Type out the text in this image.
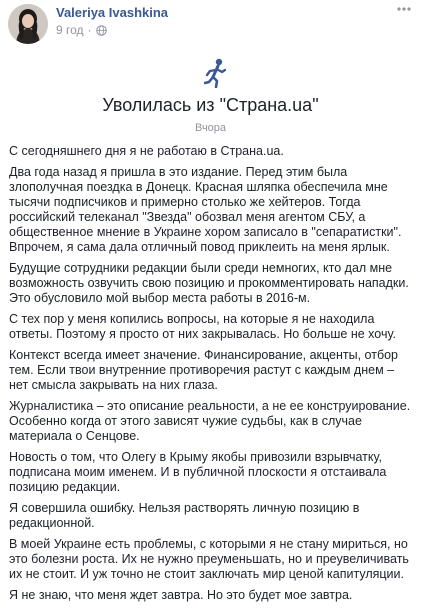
Valeriya Ivashkina
9 год ·
Уволилась из "Страна.ua"
Вчора

С сегодняшнего дня я не работаю в Страна.ua.

Два года назад я пришла в это издание. Перед этим была злополучная поездка в Донецк. Красная шляпка обеспечила мне тысячи подписчиков и примерно столько же хейтеров. Тогда российский телеканал "Звезда" обозвал меня агентом СБУ, а общественное мнение в Украине хором записало в "сепаратистки". Впрочем, я сама дала отличный повод приклеить на меня ярлык.

Будущие сотрудники редакции были среди немногих, кто дал мне возможность озвучить свою позицию и прокомментировать нападки. Это обусловило мой выбор места работы в 2016-м.

С тех пор у меня копились вопросы, на которые я не находила ответы. Поэтому я просто от них закрывалась. Но больше не хочу.

Контекст всегда имеет значение. Финансирование, акценты, отбор тем. Если твои внутренние противоречия растут с каждым днем – нет смысла закрывать на них глаза.

Журналистика – это описание реальности, а не ее конструирование. Особенно когда от этого зависят чужие судьбы, как в случае материала о Сенцове.

Новость о том, что Олегу в Крыму якобы привозили взрывчатку, подписана моим именем. И в публичной плоскости я отстаивала позицию редакции.

Я совершила ошибку. Нельзя растворять личную позицию в редакционной.

В моей Украине есть проблемы, с которыми я не стану мириться, но это болезни роста. Их не нужно преуменьшать, но и преувеличивать их не стоит. И уж точно не стоит заключать мир ценой капитуляции.

Я не знаю, что меня ждет завтра. Но это будет мое завтра.
